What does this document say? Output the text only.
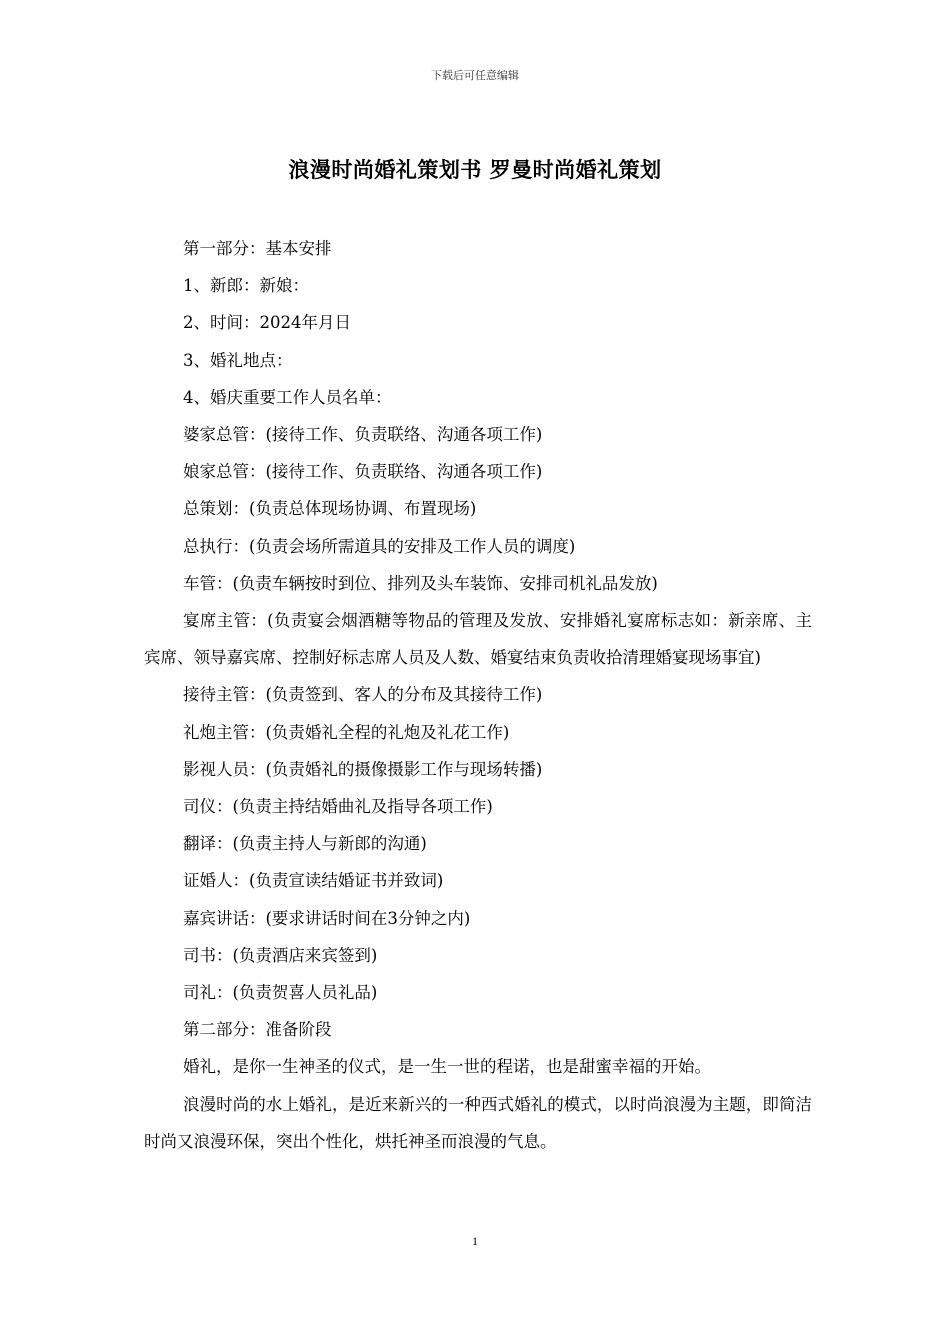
下载后可任意编辑
浪漫时尚婚礼策划书 罗曼时尚婚礼策划

第一部分：基本安排

1、新郎：新娘：

2、时间：2024年月日

3、婚礼地点：

4、婚庆重要工作人员名单：

婆家总管：(接待工作、负责联络、沟通各项工作)

娘家总管：(接待工作、负责联络、沟通各项工作)

总策划：(负责总体现场协调、布置现场)

总执行：(负责会场所需道具的安排及工作人员的调度)

车管：(负责车辆按时到位、排列及头车装饰、安排司机礼品发放)

宴席主管：(负责宴会烟酒糖等物品的管理及发放、安排婚礼宴席标志如：新亲席、主宾席、领导嘉宾席、控制好标志席人员及人数、婚宴结束负责收拾清理婚宴现场事宜)

接待主管：(负责签到、客人的分布及其接待工作)

礼炮主管：(负责婚礼全程的礼炮及礼花工作)

影视人员：(负责婚礼的摄像摄影工作与现场转播)

司仪：(负责主持结婚曲礼及指导各项工作)

翻译：(负责主持人与新郎的沟通)

证婚人：(负责宣读结婚证书并致词)

嘉宾讲话：(要求讲话时间在3分钟之内)

司书：(负责酒店来宾签到)

司礼：(负责贺喜人员礼品)

第二部分：准备阶段

婚礼，是你一生神圣的仪式，是一生一世的程诺，也是甜蜜幸福的开始。

浪漫时尚的水上婚礼，是近来新兴的一种西式婚礼的模式，以时尚浪漫为主题，即简洁时尚又浪漫环保，突出个性化，烘托神圣而浪漫的气息。

1
